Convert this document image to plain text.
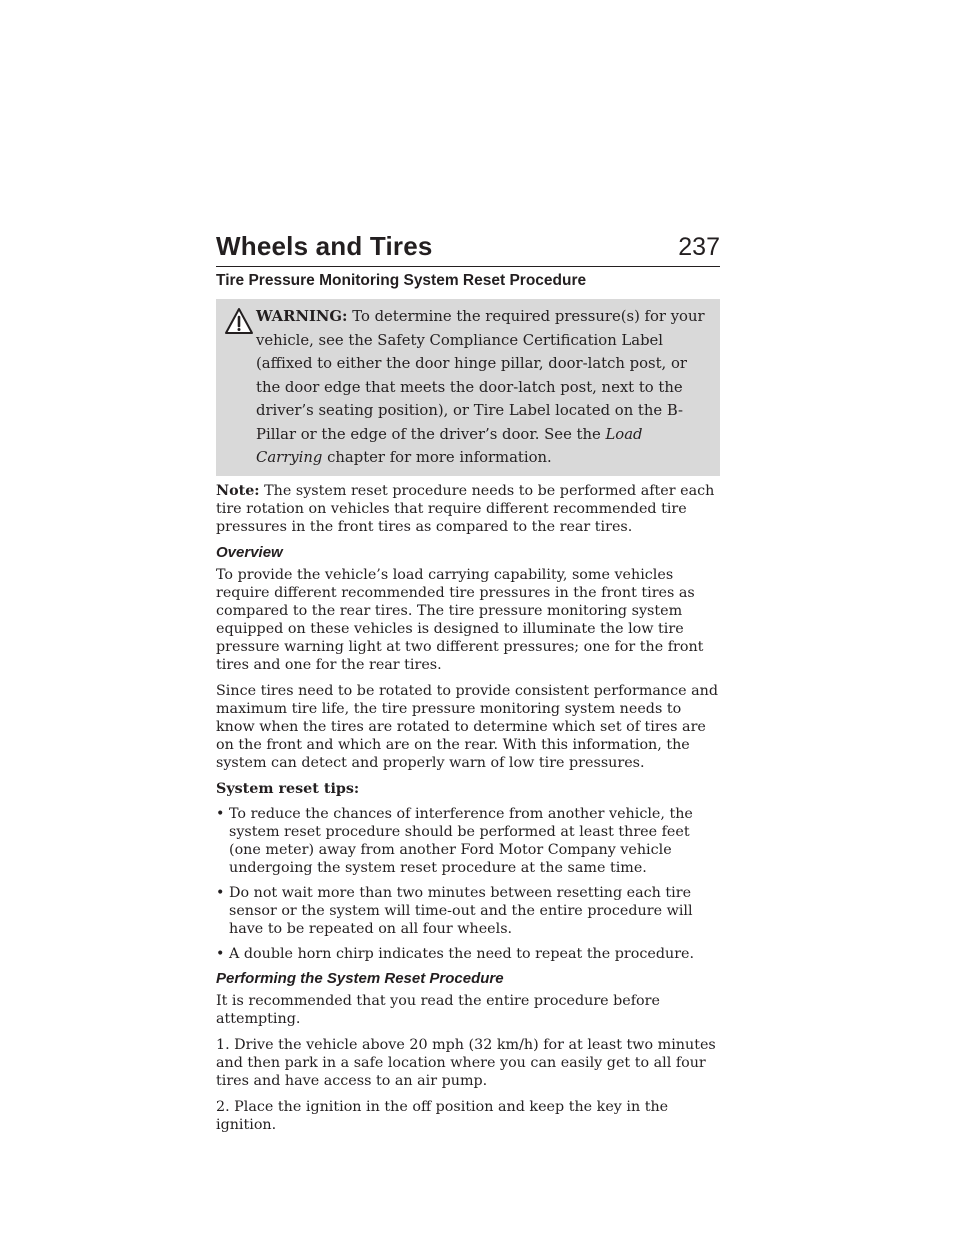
Wheels and Tires	237
Tire Pressure Monitoring System Reset Procedure
WARNING: To determine the required pressure(s) for your vehicle, see the Safety Compliance Certification Label (affixed to either the door hinge pillar, door-latch post, or the door edge that meets the door-latch post, next to the driver’s seating position), or Tire Label located on the B-Pillar or the edge of the driver’s door. See the Load Carrying chapter for more information.

Note: The system reset procedure needs to be performed after each tire rotation on vehicles that require different recommended tire pressures in the front tires as compared to the rear tires.

Overview

To provide the vehicle’s load carrying capability, some vehicles require different recommended tire pressures in the front tires as compared to the rear tires. The tire pressure monitoring system equipped on these vehicles is designed to illuminate the low tire pressure warning light at two different pressures; one for the front tires and one for the rear tires.

Since tires need to be rotated to provide consistent performance and maximum tire life, the tire pressure monitoring system needs to know when the tires are rotated to determine which set of tires are on the front and which are on the rear. With this information, the system can detect and properly warn of low tire pressures.

System reset tips:
• To reduce the chances of interference from another vehicle, the system reset procedure should be performed at least three feet (one meter) away from another Ford Motor Company vehicle undergoing the system reset procedure at the same time.
• Do not wait more than two minutes between resetting each tire sensor or the system will time-out and the entire procedure will have to be repeated on all four wheels.
• A double horn chirp indicates the need to repeat the procedure.
Performing the System Reset Procedure

It is recommended that you read the entire procedure before attempting.

1. Drive the vehicle above 20 mph (32 km/h) for at least two minutes and then park in a safe location where you can easily get to all four tires and have access to an air pump.

2. Place the ignition in the off position and keep the key in the ignition.
